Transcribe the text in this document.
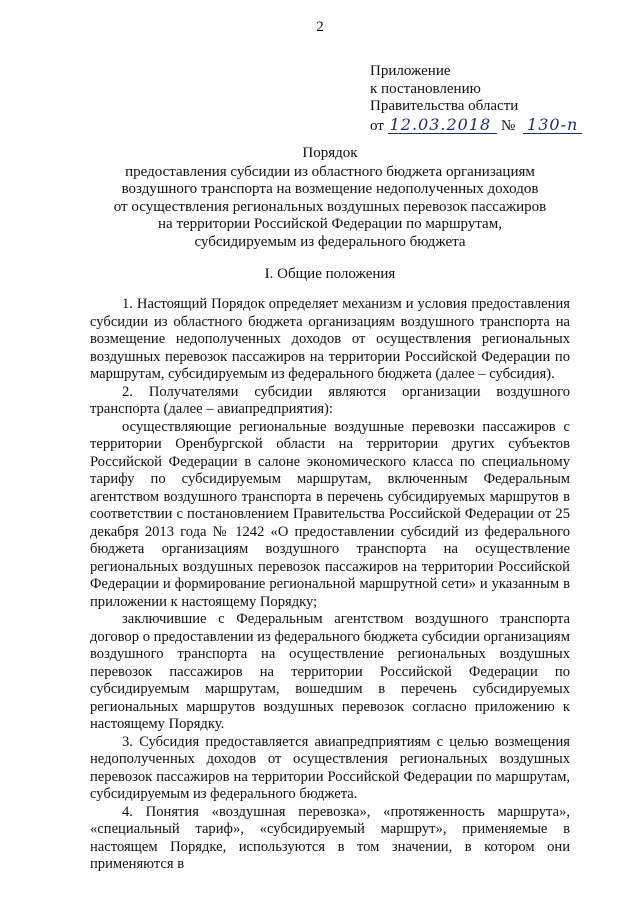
2
Приложение
к постановлению
Правительства области
от 12.03.2018 № 130-п
Порядок
предоставления субсидии из областного бюджета организациям
воздушного транспорта на возмещение недополученных доходов
от осуществления региональных воздушных перевозок пассажиров
на территории Российской Федерации по маршрутам,
субсидируемым из федерального бюджета
I. Общие положения

1. Настоящий Порядок определяет механизм и условия предоставления субсидии из областного бюджета организациям воздушного транспорта на возмещение недополученных доходов от осуществления региональных воздушных перевозок пассажиров на территории Российской Федерации по маршрутам, субсидируемым из федерального бюджета (далее – субсидия).

2. Получателями субсидии являются организации воздушного транспорта (далее – авиапредприятия):

осуществляющие региональные воздушные перевозки пассажиров с территории Оренбургской области на территории других субъектов Российской Федерации в салоне экономического класса по специальному тарифу по субсидируемым маршрутам, включенным Федеральным агентством воздушного транспорта в перечень субсидируемых маршрутов в соответствии с постановлением Правительства Российской Федерации от 25 декабря 2013 года № 1242 «О предоставлении субсидий из федерального бюджета организациям воздушного транспорта на осуществление региональных воздушных перевозок пассажиров на территории Российской Федерации и формирование региональной маршрутной сети» и указанным в приложении к настоящему Порядку;

заключившие с Федеральным агентством воздушного транспорта договор о предоставлении из федерального бюджета субсидии организациям воздушного транспорта на осуществление региональных воздушных перевозок пассажиров на территории Российской Федерации по субсидируемым маршрутам, вошедшим в перечень субсидируемых региональных маршрутов воздушных перевозок согласно приложению к настоящему Порядку.

3. Субсидия предоставляется авиапредприятиям с целью возмещения недополученных доходов от осуществления региональных воздушных перевозок пассажиров на территории Российской Федерации по маршрутам, субсидируемым из федерального бюджета.

4. Понятия «воздушная перевозка», «протяженность маршрута», «специальный тариф», «субсидируемый маршрут», применяемые в настоящем Порядке, используются в том значении, в котором они применяются в
